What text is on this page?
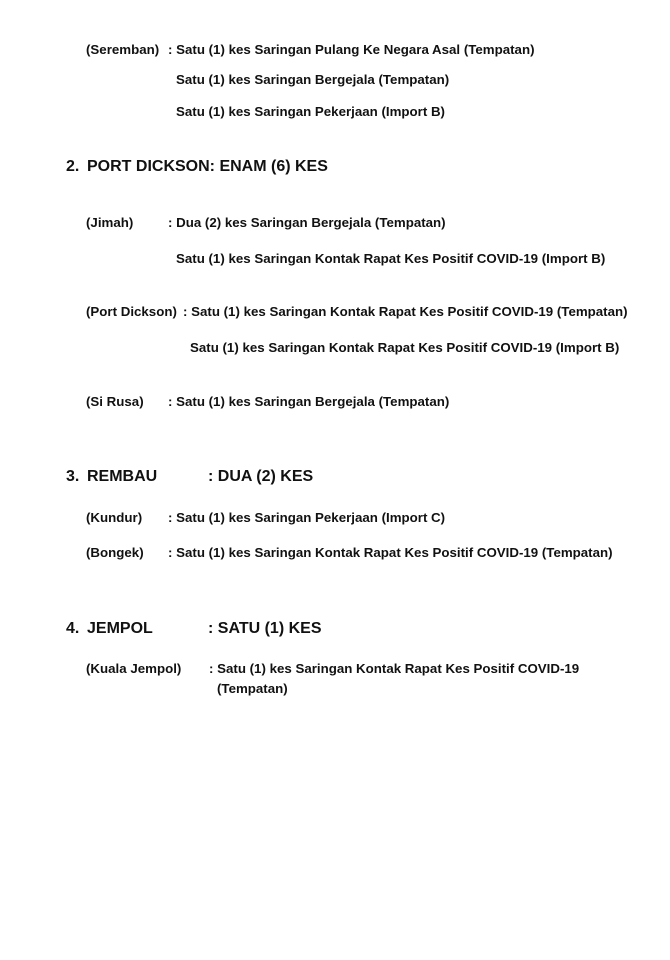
(Seremban) : Satu (1) kes Saringan Pulang Ke Negara Asal (Tempatan)
Satu (1) kes Saringan Bergejala (Tempatan)
Satu (1) kes Saringan Pekerjaan (Import B)
2. PORT DICKSON: ENAM (6) KES
(Jimah)	: Dua (2) kes Saringan Bergejala (Tempatan)
Satu (1) kes Saringan Kontak Rapat Kes Positif COVID-19 (Import B)
(Port Dickson) : Satu (1) kes Saringan Kontak Rapat Kes Positif COVID-19 (Tempatan)
Satu (1) kes Saringan Kontak Rapat Kes Positif COVID-19 (Import B)
(Si Rusa) : Satu (1) kes Saringan Bergejala (Tempatan)
3. REMBAU	: DUA (2) KES
(Kundur) : Satu (1) kes Saringan Pekerjaan (Import C)
(Bongek) : Satu (1) kes Saringan Kontak Rapat Kes Positif COVID-19 (Tempatan)
4. JEMPOL	: SATU (1) KES
(Kuala Jempol) : Satu (1) kes Saringan Kontak Rapat Kes Positif COVID-19
(Tempatan)
